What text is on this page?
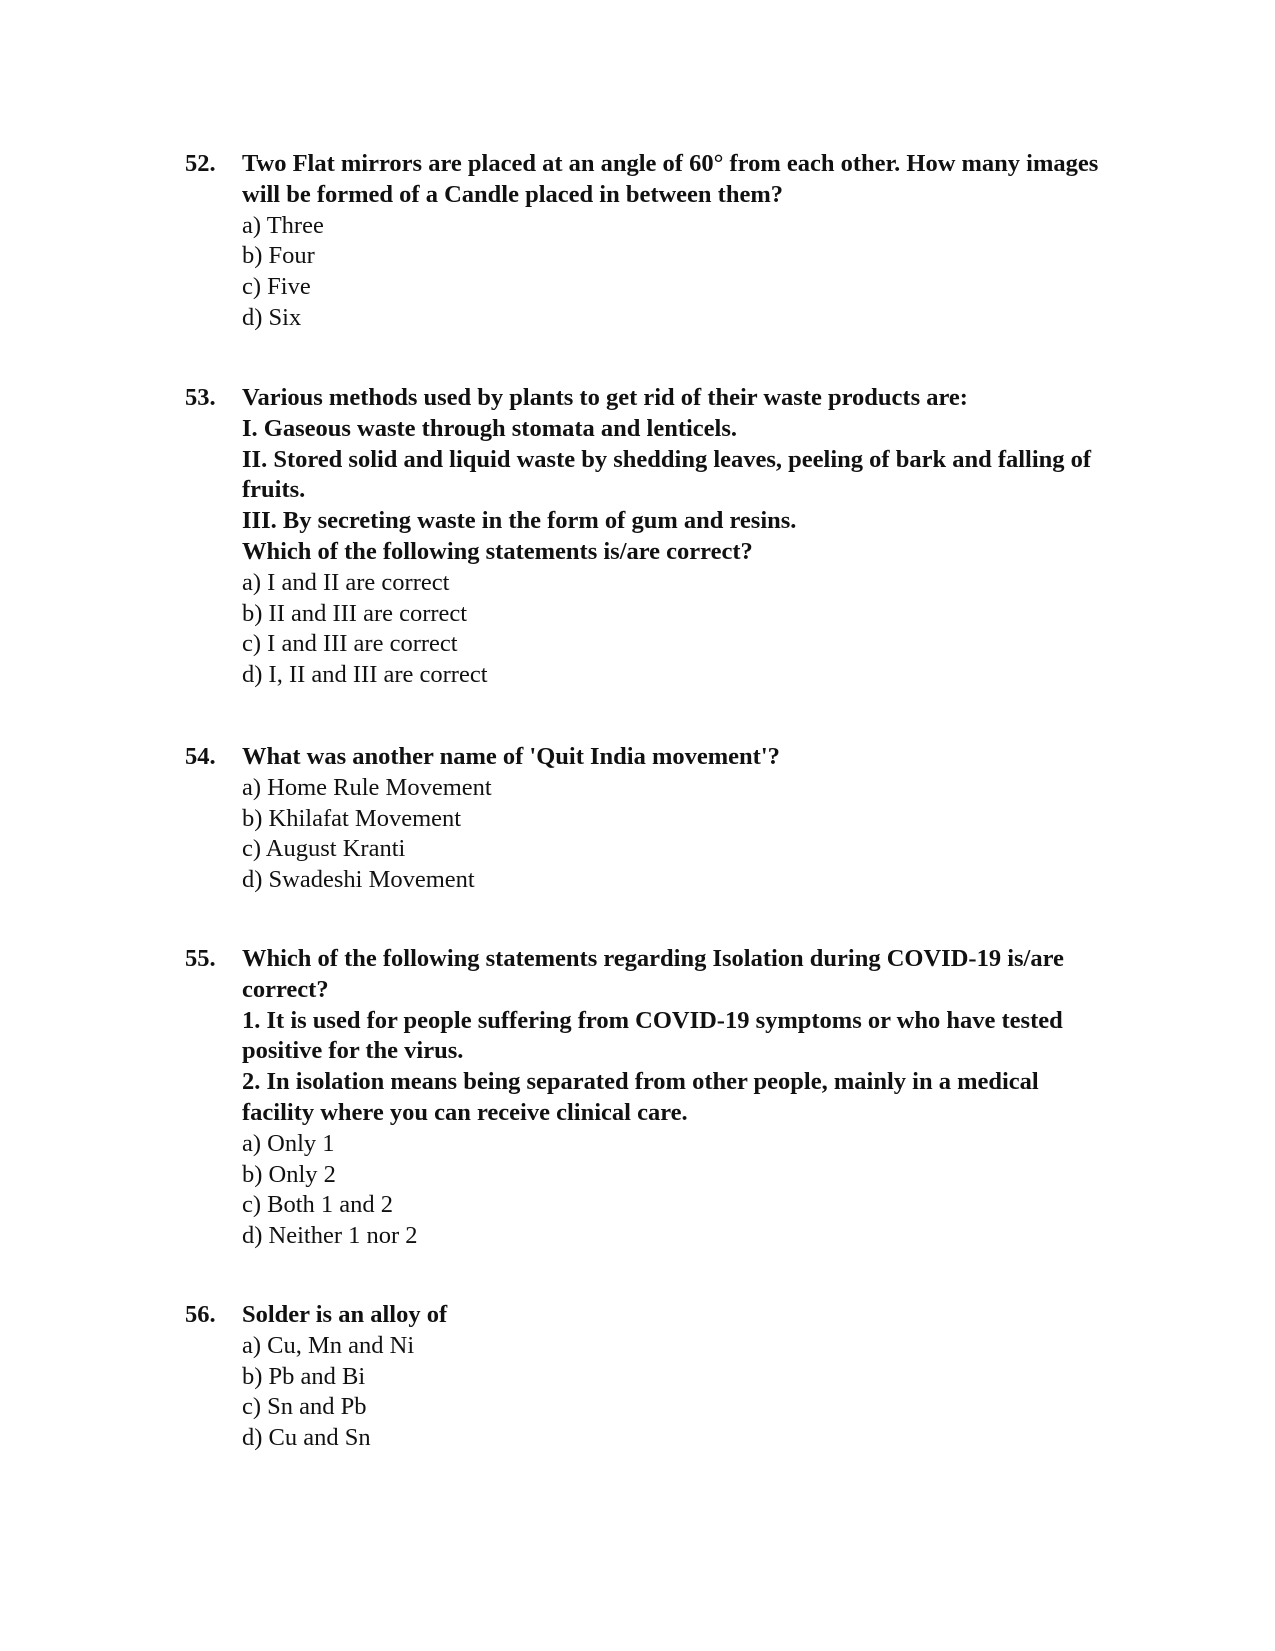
52. Two Flat mirrors are placed at an angle of 60° from each other. How many images will be formed of a Candle placed in between them?
a) Three
b) Four
c) Five
d) Six
53. Various methods used by plants to get rid of their waste products are:
I. Gaseous waste through stomata and lenticels.
II. Stored solid and liquid waste by shedding leaves, peeling of bark and falling of fruits.
III. By secreting waste in the form of gum and resins.
Which of the following statements is/are correct?
a) I and II are correct
b) II and III are correct
c) I and III are correct
d) I, II and III are correct
54. What was another name of 'Quit India movement'?
a) Home Rule Movement
b) Khilafat Movement
c) August Kranti
d) Swadeshi Movement
55. Which of the following statements regarding Isolation during COVID-19 is/are correct?
1. It is used for people suffering from COVID-19 symptoms or who have tested positive for the virus.
2. In isolation means being separated from other people, mainly in a medical facility where you can receive clinical care.
a) Only 1
b) Only 2
c) Both 1 and 2
d) Neither 1 nor 2
56. Solder is an alloy of
a) Cu, Mn and Ni
b) Pb and Bi
c) Sn and Pb
d) Cu and Sn
